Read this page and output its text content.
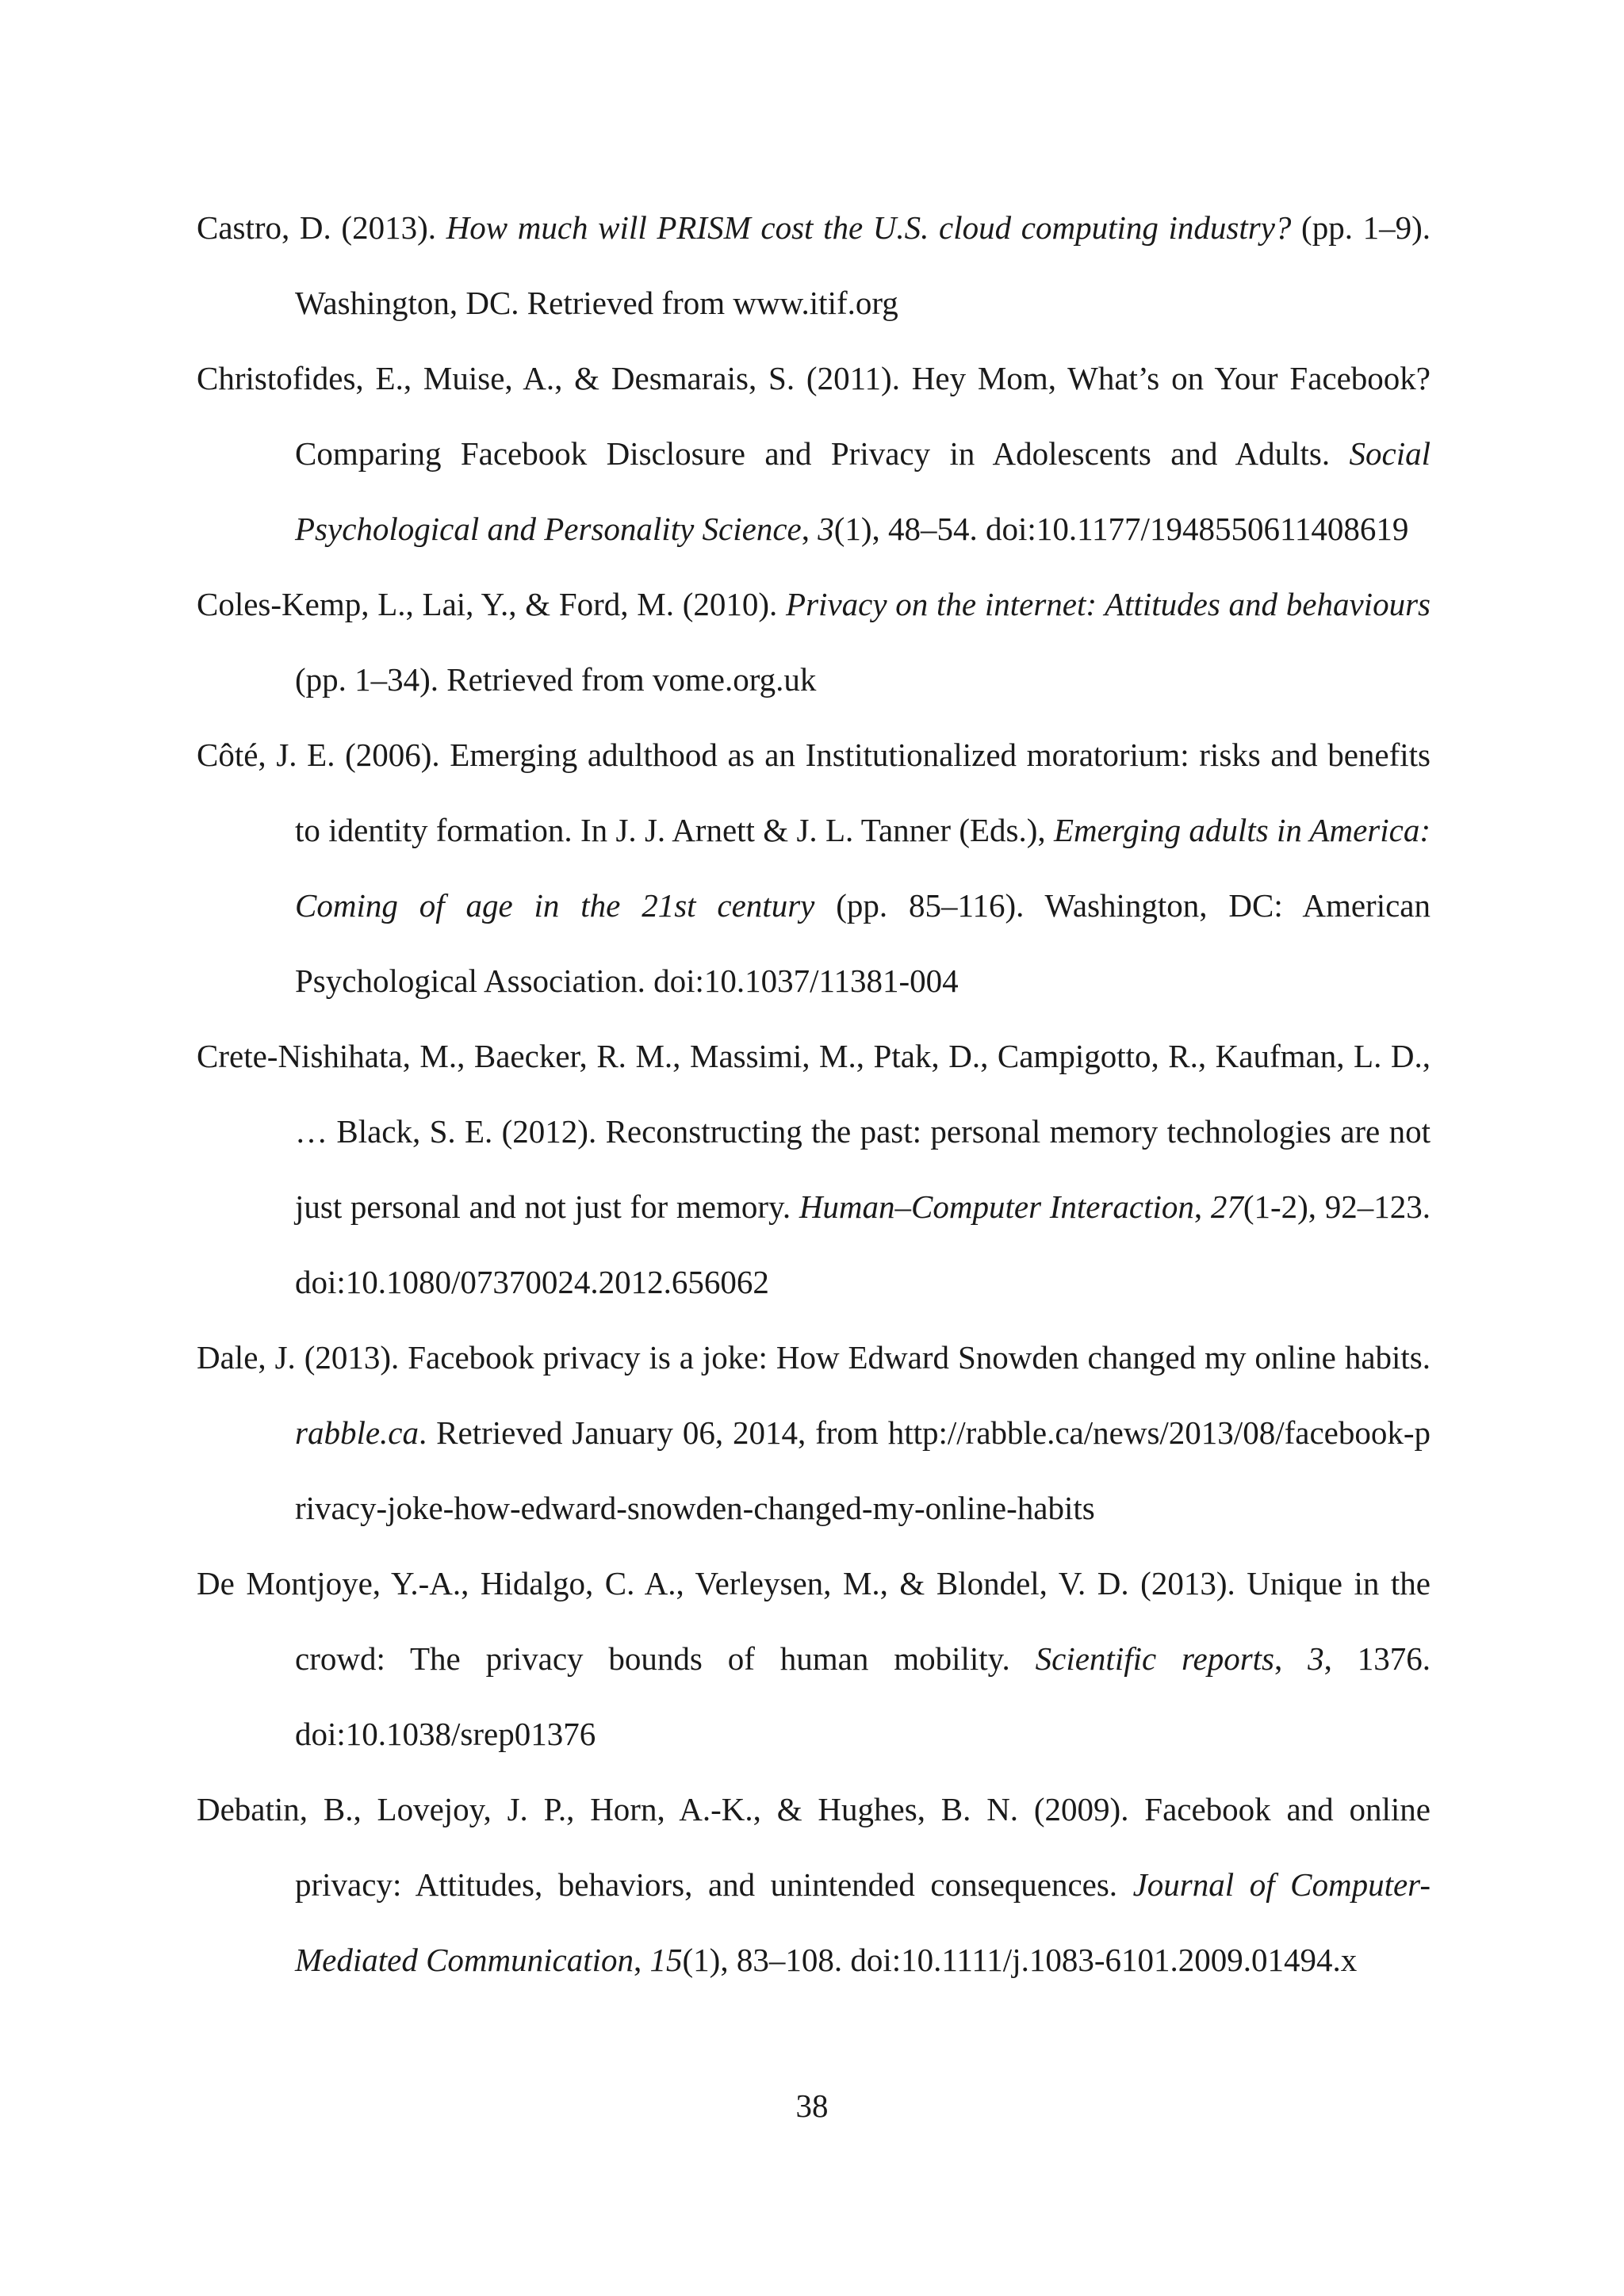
Castro, D. (2013). How much will PRISM cost the U.S. cloud computing industry? (pp. 1–9). Washington, DC. Retrieved from www.itif.org

Christofides, E., Muise, A., & Desmarais, S. (2011). Hey Mom, What’s on Your Facebook? Comparing Facebook Disclosure and Privacy in Adolescents and Adults. Social Psychological and Personality Science, 3(1), 48–54. doi:10.1177/1948550611408619

Coles-Kemp, L., Lai, Y., & Ford, M. (2010). Privacy on the internet: Attitudes and behaviours (pp. 1–34). Retrieved from vome.org.uk

Côté, J. E. (2006). Emerging adulthood as an Institutionalized moratorium: risks and benefits to identity formation. In J. J. Arnett & J. L. Tanner (Eds.), Emerging adults in America: Coming of age in the 21st century (pp. 85–116). Washington, DC: American Psychological Association. doi:10.1037/11381-004

Crete-Nishihata, M., Baecker, R. M., Massimi, M., Ptak, D., Campigotto, R., Kaufman, L. D., … Black, S. E. (2012). Reconstructing the past: personal memory technologies are not just personal and not just for memory. Human–Computer Interaction, 27(1-2), 92–123. doi:10.1080/07370024.2012.656062

Dale, J. (2013). Facebook privacy is a joke: How Edward Snowden changed my online habits. rabble.ca. Retrieved January 06, 2014, from http://rabble.ca/news/2013/08/facebook-privacy-joke-how-edward-snowden-changed-my-online-habits

De Montjoye, Y.-A., Hidalgo, C. A., Verleysen, M., & Blondel, V. D. (2013). Unique in the crowd: The privacy bounds of human mobility. Scientific reports, 3, 1376. doi:10.1038/srep01376

Debatin, B., Lovejoy, J. P., Horn, A.-K., & Hughes, B. N. (2009). Facebook and online privacy: Attitudes, behaviors, and unintended consequences. Journal of Computer-Mediated Communication, 15(1), 83–108. doi:10.1111/j.1083-6101.2009.01494.x

38
